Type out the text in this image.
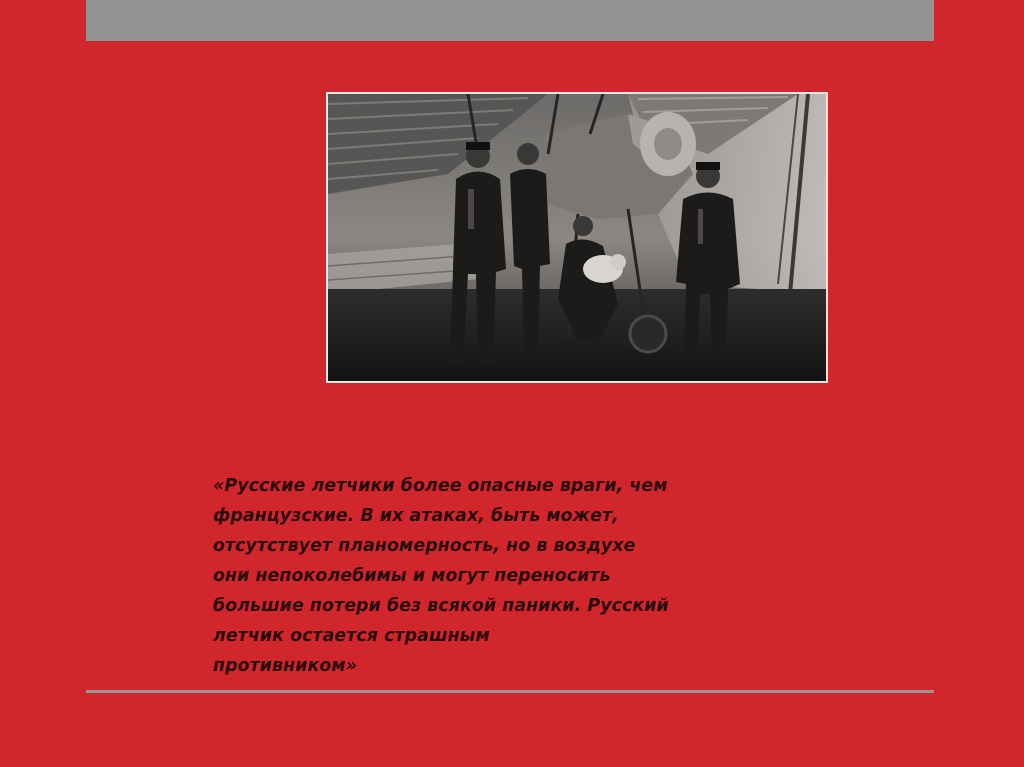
«Русские летчики более опасные враги, чем
французские. В их атаках, быть может,
отсутствует планомерность, но в воздухе
они непоколебимы и могут переносить
большие потери без всякой паники. Русский
летчик остается страшным
противником»
